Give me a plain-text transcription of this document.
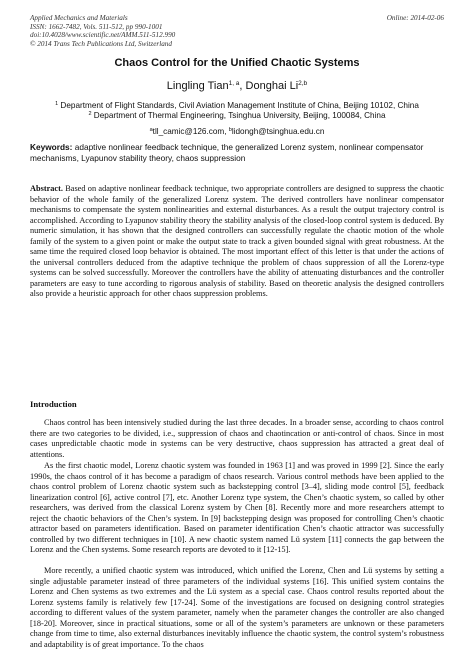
Applied Mechanics and Materials
ISSN: 1662-7482, Vols. 511-512, pp 990-1001
doi:10.4028/www.scientific.net/AMM.511-512.990
© 2014 Trans Tech Publications Ltd, Switzerland
Online: 2014-02-06
Chaos Control for the Unified Chaotic Systems
Lingling Tian$^{1, a}$, Donghai Li$^{2,b}$
$^1$ Department of Flight Standards, Civil Aviation Management Institute of China, Beijing 10102, China
$^2$ Department of Thermal Engineering, Tsinghua University, Beijing, 100084, China
$^a$tll_camic@126.com, $^b$lidongh@tsinghua.edu.cn
Keywords: adaptive nonlinear feedback technique, the generalized Lorenz system, nonlinear compensator mechanisms, Lyapunov stability theory, chaos suppression
Abstract. Based on adaptive nonlinear feedback technique, two appropriate controllers are designed to suppress the chaotic behavior of the whole family of the generalized Lorenz system. The derived controllers have nonlinear compensator mechanisms to compensate the system nonlinearities and external disturbances. As a result the output trajectory control is accomplished. According to Lyapunov stability theory the stability analysis of the closed-loop control system is deduced. By numeric simulation, it has shown that the designed controllers can successfully regulate the chaotic motion of the whole family of the system to a given point or make the output state to track a given bounded signal with great robustness. At the same time the required closed loop behavior is obtained. The most important effect of this letter is that under the actions of the universal controllers deduced from the adaptive technique the problem of chaos suppression of all the Lorenz-type systems can be solved successfully. Moreover the controllers have the ability of attenuating disturbances and the controller parameters are easy to tune according to rigorous analysis of stability. Based on theoretic analysis the designed controllers also provide a heuristic approach for other chaos suppression problems.
Introduction
Chaos control has been intensively studied during the last three decades. In a broader sense, according to chaos control there are two categories to be divided, i.e., suppression of chaos and chaotincation or anti-control of chaos. Since in most cases unpredictable chaotic mode in systems can be very destructive, chaos suppression has attracted a great deal of attentions.
As the first chaotic model, Lorenz chaotic system was founded in 1963 [1] and was proved in 1999 [2]. Since the early 1990s, the chaos control of it has become a paradigm of chaos research. Various control methods have been applied to the chaos control problem of Lorenz chaotic system such as backstepping control [3–4], sliding mode control [5], feedback linearization control [6], active control [7], etc. Another Lorenz type system, the Chen’s chaotic system, so called by other researchers, was derived from the classical Lorenz system by Chen [8]. Recently more and more researchers attempt to reject the chaotic behaviors of the Chen’s system. In [9] backstepping design was proposed for controlling Chen’s chaotic attractor based on parameters identification. Based on parameter identification Chen’s chaotic attractor was successfully controlled by two different techniques in [10]. A new chaotic system named Lü system [11] connects the gap between the Lorenz and the Chen systems. Some research reports are devoted to it [12-15].
More recently, a unified chaotic system was introduced, which unified the Lorenz, Chen and Lü systems by setting a single adjustable parameter instead of three parameters of the individual systems [16]. This unified system contains the Lorenz and Chen systems as two extremes and the Lü system as a special case. Chaos control results reported about the Lorenz systems family is relatively few [17-24]. Some of the investigations are focused on designing control strategies according to different values of the system parameter, namely when the parameter changes the controller are also changed [18-20]. Moreover, since in practical situations, some or all of the system’s parameters are unknown or these parameters change from time to time, also external disturbances inevitably influence the chaotic system, the control system’s robustness and adaptability is of great importance. To the chaos
